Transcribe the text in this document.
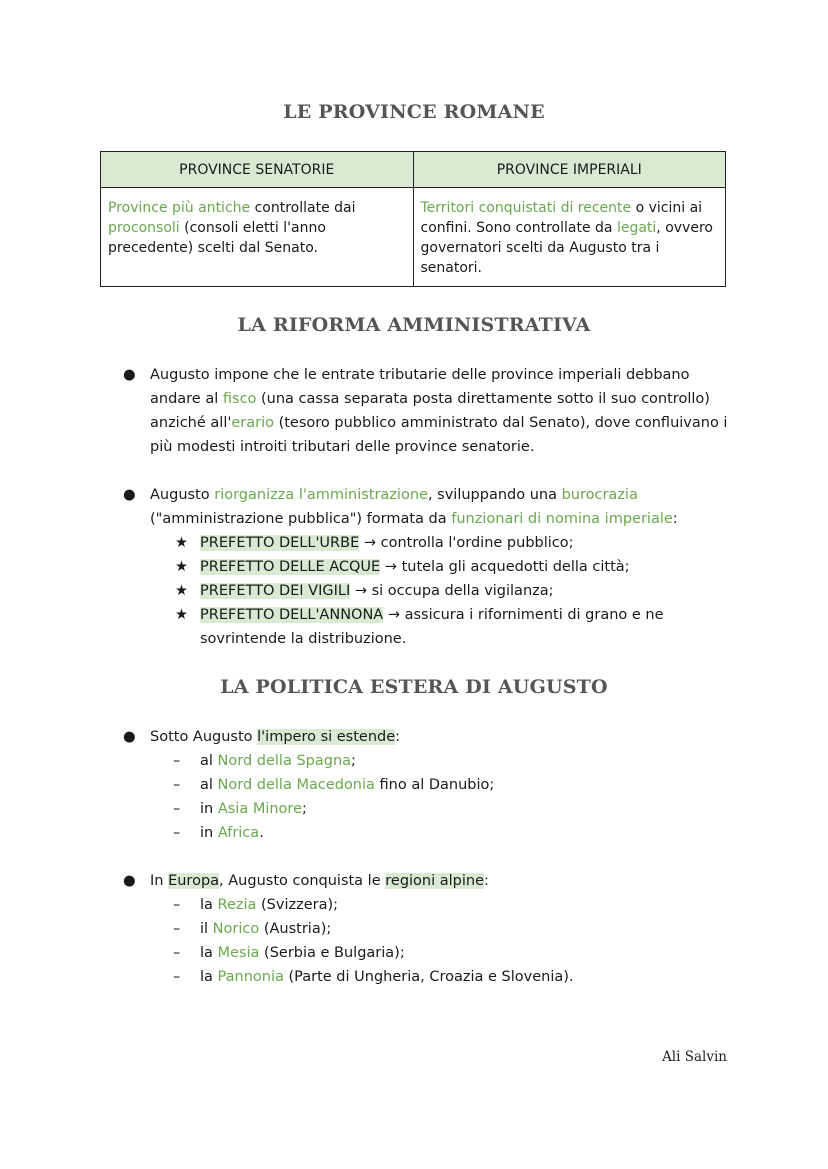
LE PROVINCE ROMANE
PROVINCE SENATORIE	PROVINCE IMPERIALI
Province più antiche controllate dai proconsoli (consoli eletti l'anno precedente) scelti dal Senato.	Territori conquistati di recente o vicini ai confini. Sono controllate da legati, ovvero governatori scelti da Augusto tra i senatori.
LA RIFORMA AMMINISTRATIVA
● Augusto impone che le entrate tributarie delle province imperiali debbano andare al fisco (una cassa separata posta direttamente sotto il suo controllo) anziché all'erario (tesoro pubblico amministrato dal Senato), dove confluivano i più modesti introiti tributari delle province senatorie.
● Augusto riorganizza l'amministrazione, sviluppando una burocrazia ("amministrazione pubblica") formata da funzionari di nomina imperiale:
★ PREFETTO DELL'URBE → controlla l'ordine pubblico;
★ PREFETTO DELLE ACQUE → tutela gli acquedotti della città;
★ PREFETTO DEI VIGILI → si occupa della vigilanza;
★ PREFETTO DELL'ANNONA → assicura i rifornimenti di grano e ne sovrintende la distribuzione.
LA POLITICA ESTERA DI AUGUSTO
● Sotto Augusto l'impero si estende:
– al Nord della Spagna;
– al Nord della Macedonia fino al Danubio;
– in Asia Minore;
– in Africa.
● In Europa, Augusto conquista le regioni alpine:
– la Rezia (Svizzera);
– il Norico (Austria);
– la Mesia (Serbia e Bulgaria);
– la Pannonia (Parte di Ungheria, Croazia e Slovenia).
Ali Salvin
